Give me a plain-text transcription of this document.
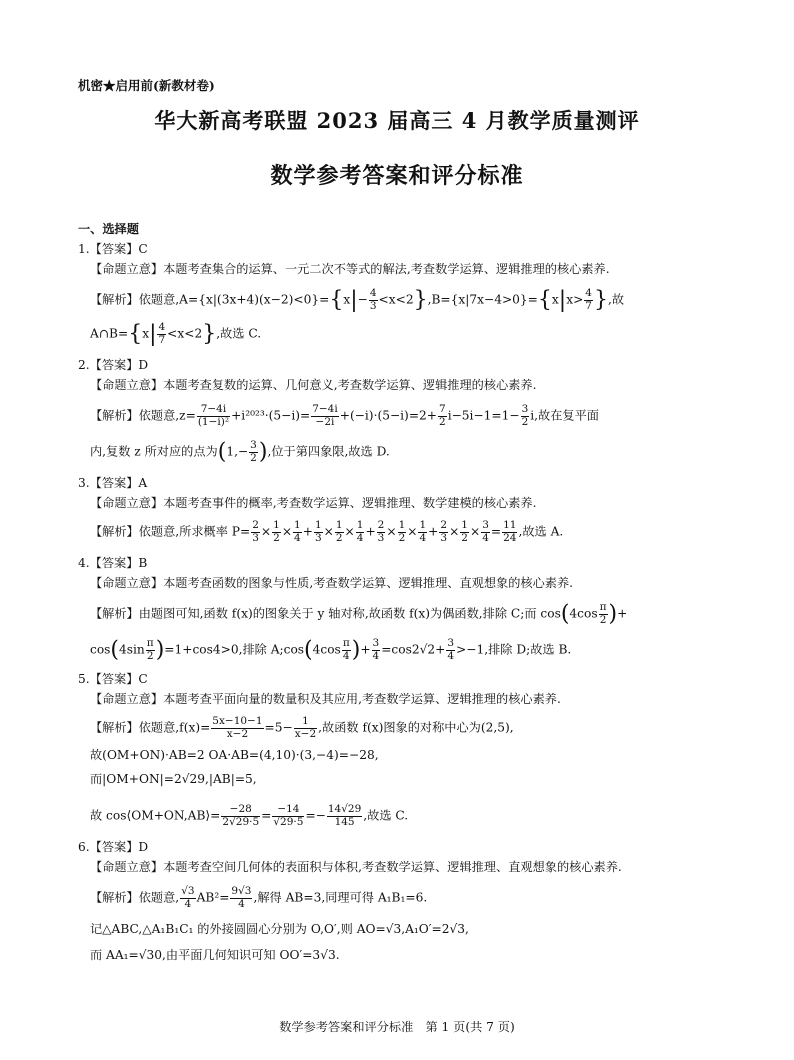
机密★启用前(新教材卷)
华大新高考联盟 2023 届高三 4 月教学质量测评
数学参考答案和评分标准
一、选择题
1.【答案】C
【命题立意】本题考查集合的运算、一元二次不等式的解法,考查数学运算、逻辑推理的核心素养.
【解析】依题意$,A=\{x|(3x+4)(x-2)<0\}=\{x|- \frac{4}{3} <x<2\},B=\{x|7x-4>0\}=\{x|x> \frac{4}{7}$ },故
A∩B={x| $\frac{4}{7} <x<2$},故选 C.
2.【答案】D
【命题立意】本题考查复数的运算、几何意义,考查数学运算、逻辑推理的核心素养.
【解析】依题意$,z= \frac{7-4i}{\text{(1−i)²}} +i^{2023}\cdot(5-i)= \frac{7-4i}{-2i} +(-i)\cdot(5-i)=2+ \frac{7}{2} i-5i-1=1- \frac{3}{2} i$,故在复平面
内,复数 z 所对应的点为($1,- \frac{3}{2}$ ),位于第四象限,故选 D.
3.【答案】A
【命题立意】本题考查事件的概率,考查数学运算、逻辑推理、数学建模的核心素养.
【解析】依题意,所求概率 $P= \frac{2}{3} \times \frac{1}{2} \times \frac{1}{4} + \frac{1}{3} \times \frac{1}{2} \times \frac{1}{4} + \frac{2}{3} \times \frac{1}{2} \times \frac{1}{4} + \frac{2}{3} \times \frac{1}{2} \times \frac{3}{4} = \frac{11}{24}$ ,故选 A.
4.【答案】B
【命题立意】本题考查函数的图象与性质,考查数学运算、逻辑推理、直观想象的核心素养.
【解析】由题图可知,函数 f(x)的图象关于 y 轴对称,故函数 f(x)为偶函数,排除 C;而 $\cos(4\cos \frac{\pi}{2}$ )+
$\cos(4\sin \frac{\pi}{2} )=1+\cos 4>0$,排除 A;cos(4cos $\frac{\pi}{4}$ )+ $\frac{3}{4} =\cos 2√2+ \frac{3}{4} >-1$,排除 D;故选 B.
5.【答案】C
【命题立意】本题考查平面向量的数量积及其应用,考查数学运算、逻辑推理的核心素养.
【解析】依题意$,f(x)= \frac{5x-10-1}{x-2} =5- \frac{1}{x-2}$ ,故函数 f(x)图象的对称中心为(2,5),
故(OM+ON)·AB=2 OA·AB=(4,10)·(3,−4)=−28,
而|OM+ON|=2√29,|AB|=5,
故 cos⟨OM+ON,AB⟩= $\frac{-28}{2√29\cdot 5} = \frac{-14}{√29\cdot 5} =- \frac{14√29}{145}$ ,故选 C.
6.【答案】D
【命题立意】本题考查空间几何体的表面积与体积,考查数学运算、逻辑推理、直观想象的核心素养.
【解析】依题意, $\frac{√3}{4} AB^2= \frac{9√3}{4}$ ,解得 AB=3,同理可得 A₁B₁=6.
记△ABC,△A₁B₁C₁ 的外接圆圆心分别为 O,O′,则 AO=√3,A₁O′=2√3,
而 AA₁=√30,由平面几何知识可知 OO′=3√3.
数学参考答案和评分标准　第 1 页(共 7 页)
